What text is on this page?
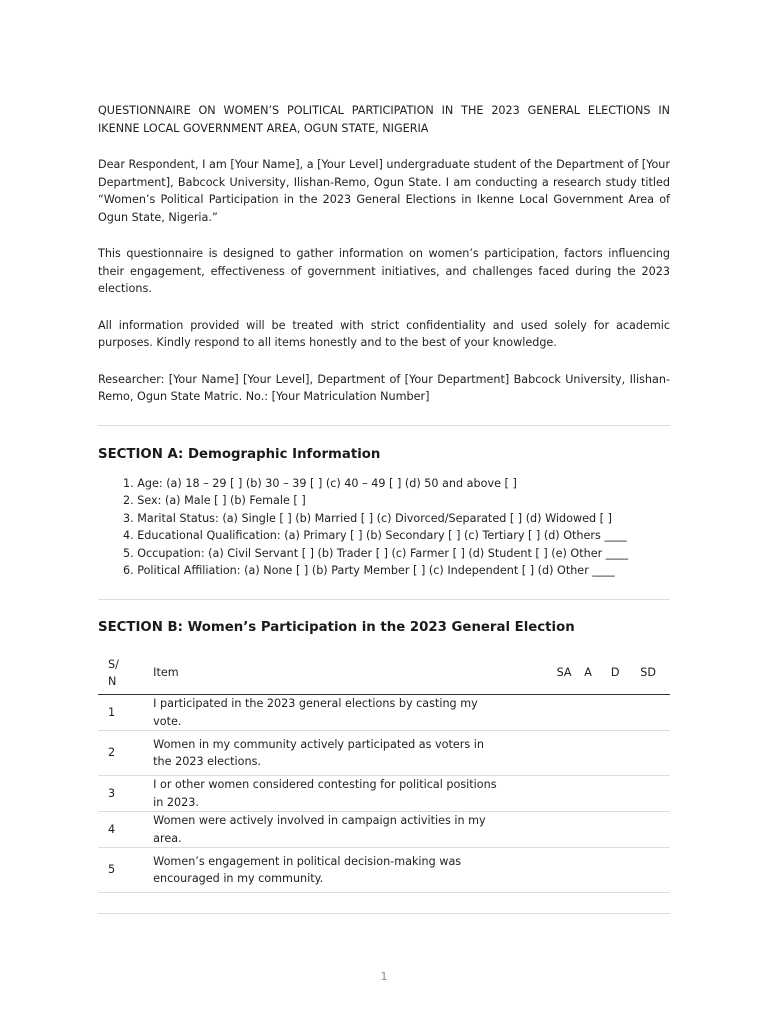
QUESTIONNAIRE ON WOMEN’S POLITICAL PARTICIPATION IN THE 2023 GENERAL ELECTIONS IN IKENNE LOCAL GOVERNMENT AREA, OGUN STATE, NIGERIA

Dear Respondent, I am [Your Name], a [Your Level] undergraduate student of the Department of [Your Department], Babcock University, Ilishan-Remo, Ogun State. I am conducting a research study titled “Women’s Political Participation in the 2023 General Elections in Ikenne Local Government Area of Ogun State, Nigeria.”

This questionnaire is designed to gather information on women’s participation, factors influencing their engagement, effectiveness of government initiatives, and challenges faced during the 2023 elections.

All information provided will be treated with strict confidentiality and used solely for academic purposes. Kindly respond to all items honestly and to the best of your knowledge.

Researcher: [Your Name] [Your Level], Department of [Your Department] Babcock University, Ilishan-Remo, Ogun State Matric. No.: [Your Matriculation Number]

SECTION A: Demographic Information
1. Age: (a) 18 – 29 [ ] (b) 30 – 39 [ ] (c) 40 – 49 [ ] (d) 50 and above [ ]
2. Sex: (a) Male [ ] (b) Female [ ]
3. Marital Status: (a) Single [ ] (b) Married [ ] (c) Divorced/Separated [ ] (d) Widowed [ ]
4. Educational Qualification: (a) Primary [ ] (b) Secondary [ ] (c) Tertiary [ ] (d) Others ____
5. Occupation: (a) Civil Servant [ ] (b) Trader [ ] (c) Farmer [ ] (d) Student [ ] (e) Other ____
6. Political Affiliation: (a) None [ ] (b) Party Member [ ] (c) Independent [ ] (d) Other ____
SECTION B: Women’s Participation in the 2023 General Election
S/
N	Item	SA	A	D	SD
1	I participated in the 2023 general elections by casting my vote.				
2	Women in my community actively participated as voters in the 2023 elections.				
3	I or other women considered contesting for political positions in 2023.				
4	Women were actively involved in campaign activities in my area.				
5	Women’s engagement in political decision-making was encouraged in my community.				

1
